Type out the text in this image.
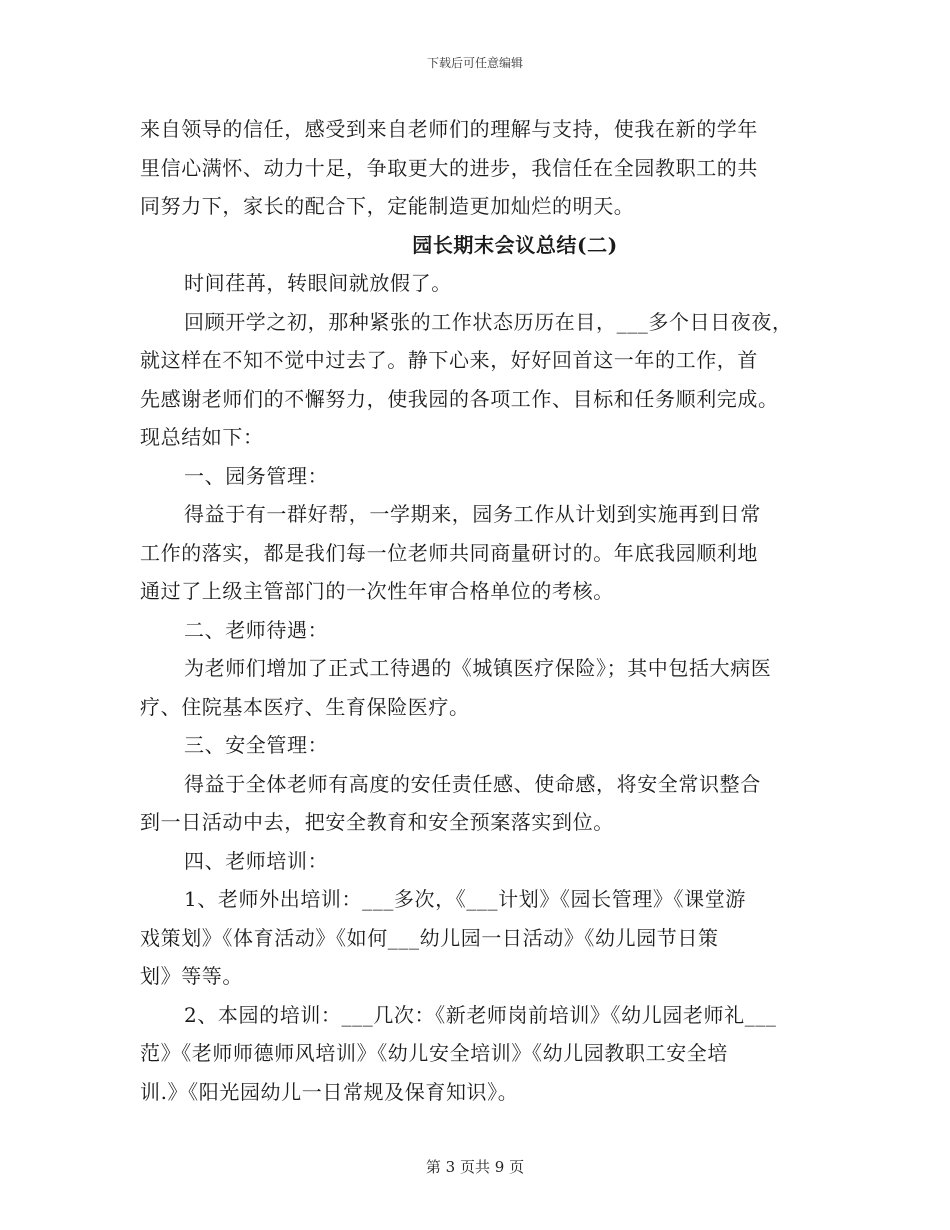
下载后可任意编辑
来自领导的信任，感受到来自老师们的理解与支持，使我在新的学年
里信心满怀、动力十足，争取更大的进步，我信任在全园教职工的共
同努力下，家长的配合下，定能制造更加灿烂的明天。
园长期末会议总结(二)
时间荏苒，转眼间就放假了。
回顾开学之初，那种紧张的工作状态历历在目，___多个日日夜夜，
就这样在不知不觉中过去了。静下心来，好好回首这一年的工作，首
先感谢老师们的不懈努力，使我园的各项工作、目标和任务顺利完成。
现总结如下：
一、园务管理：
得益于有一群好帮，一学期来，园务工作从计划到实施再到日常
工作的落实，都是我们每一位老师共同商量研讨的。年底我园顺利地
通过了上级主管部门的一次性年审合格单位的考核。
二、老师待遇：
为老师们增加了正式工待遇的《城镇医疗保险》；其中包括大病医
疗、住院基本医疗、生育保险医疗。
三、安全管理：
得益于全体老师有高度的安任责任感、使命感，将安全常识整合
到一日活动中去，把安全教育和安全预案落实到位。
四、老师培训：
1、老师外出培训：___多次，《___计划》《园长管理》《课堂游
戏策划》《体育活动》《如何___幼儿园一日活动》《幼儿园节日策
划》等等。
2、本园的培训：___几次：《新老师岗前培训》《幼儿园老师礼___
范》《老师师德师风培训》《幼儿安全培训》《幼儿园教职工安全培
训.》《阳光园幼儿一日常规及保育知识》。
第 3 页共 9 页
